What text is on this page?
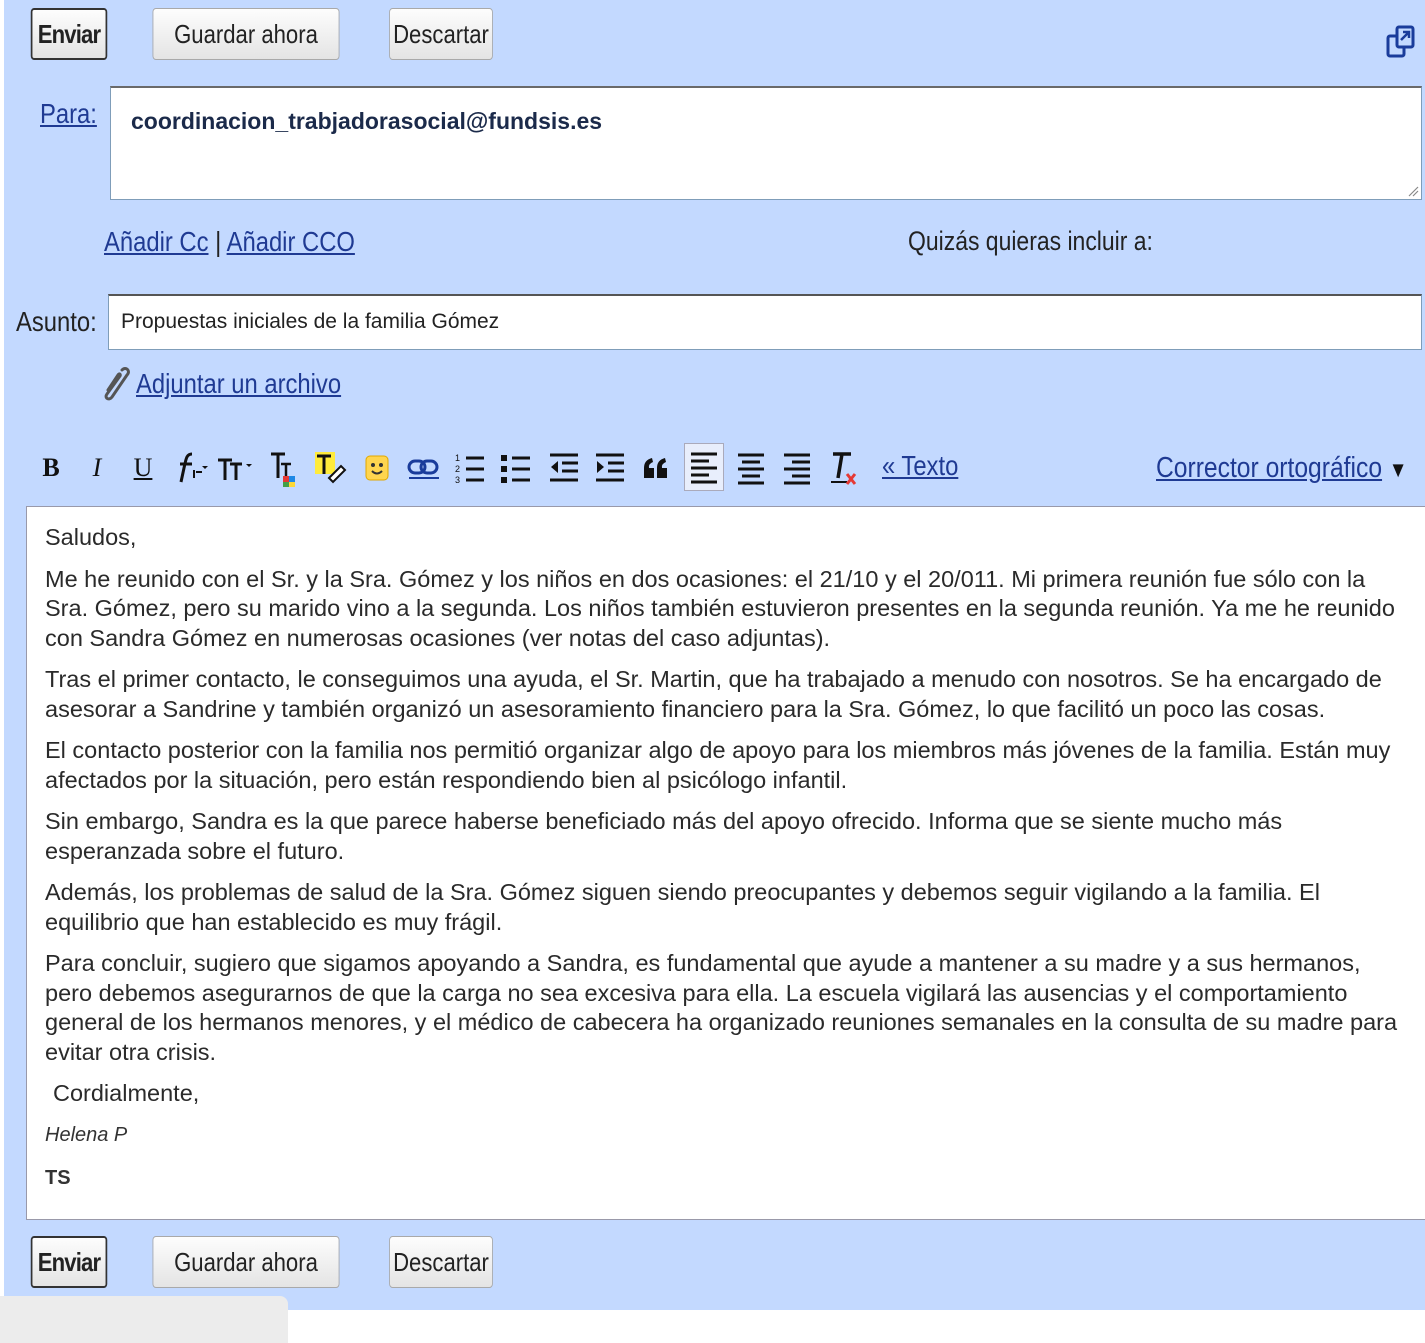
Enviar	Guardar ahora	Descartar
Para: coordinacion_trabjadorasocial@fundsis.es
Añadir Cc | Añadir CCO	Quizás quieras incluir a:
Asunto: Propuestas iniciales de la familia Gómez
Adjuntar un archivo
B	I	U	1
2
3	« Texto	Corrector ortográfico ▼

Saludos,

Me he reunido con el Sr. y la Sra. Gómez y los niños en dos ocasiones: el 21/10 y el 20/011. Mi primera reunión fue sólo con la Sra. Gómez, pero su marido vino a la segunda. Los niños también estuvieron presentes en la segunda reunión. Ya me he reunido con Sandra Gómez en numerosas ocasiones (ver notas del caso adjuntas).

Tras el primer contacto, le conseguimos una ayuda, el Sr. Martin, que ha trabajado a menudo con nosotros. Se ha encargado de asesorar a Sandrine y también organizó un asesoramiento financiero para la Sra. Gómez, lo que facilitó un poco las cosas.

El contacto posterior con la familia nos permitió organizar algo de apoyo para los miembros más jóvenes de la familia. Están muy afectados por la situación, pero están respondiendo bien al psicólogo infantil.

Sin embargo, Sandra es la que parece haberse beneficiado más del apoyo ofrecido. Informa que se siente mucho más esperanzada sobre el futuro.

Además, los problemas de salud de la Sra. Gómez siguen siendo preocupantes y debemos seguir vigilando a la familia. El equilibrio que han establecido es muy frágil.

Para concluir, sugiero que sigamos apoyando a Sandra, es fundamental que ayude a mantener a su madre y a sus hermanos, pero debemos asegurarnos de que la carga no sea excesiva para ella. La escuela vigilará las ausencias y el comportamiento general de los hermanos menores, y el médico de cabecera ha organizado reuniones semanales en la consulta de su madre para evitar otra crisis.

Cordialmente,

Helena P
TS
Enviar	Guardar ahora	Descartar
